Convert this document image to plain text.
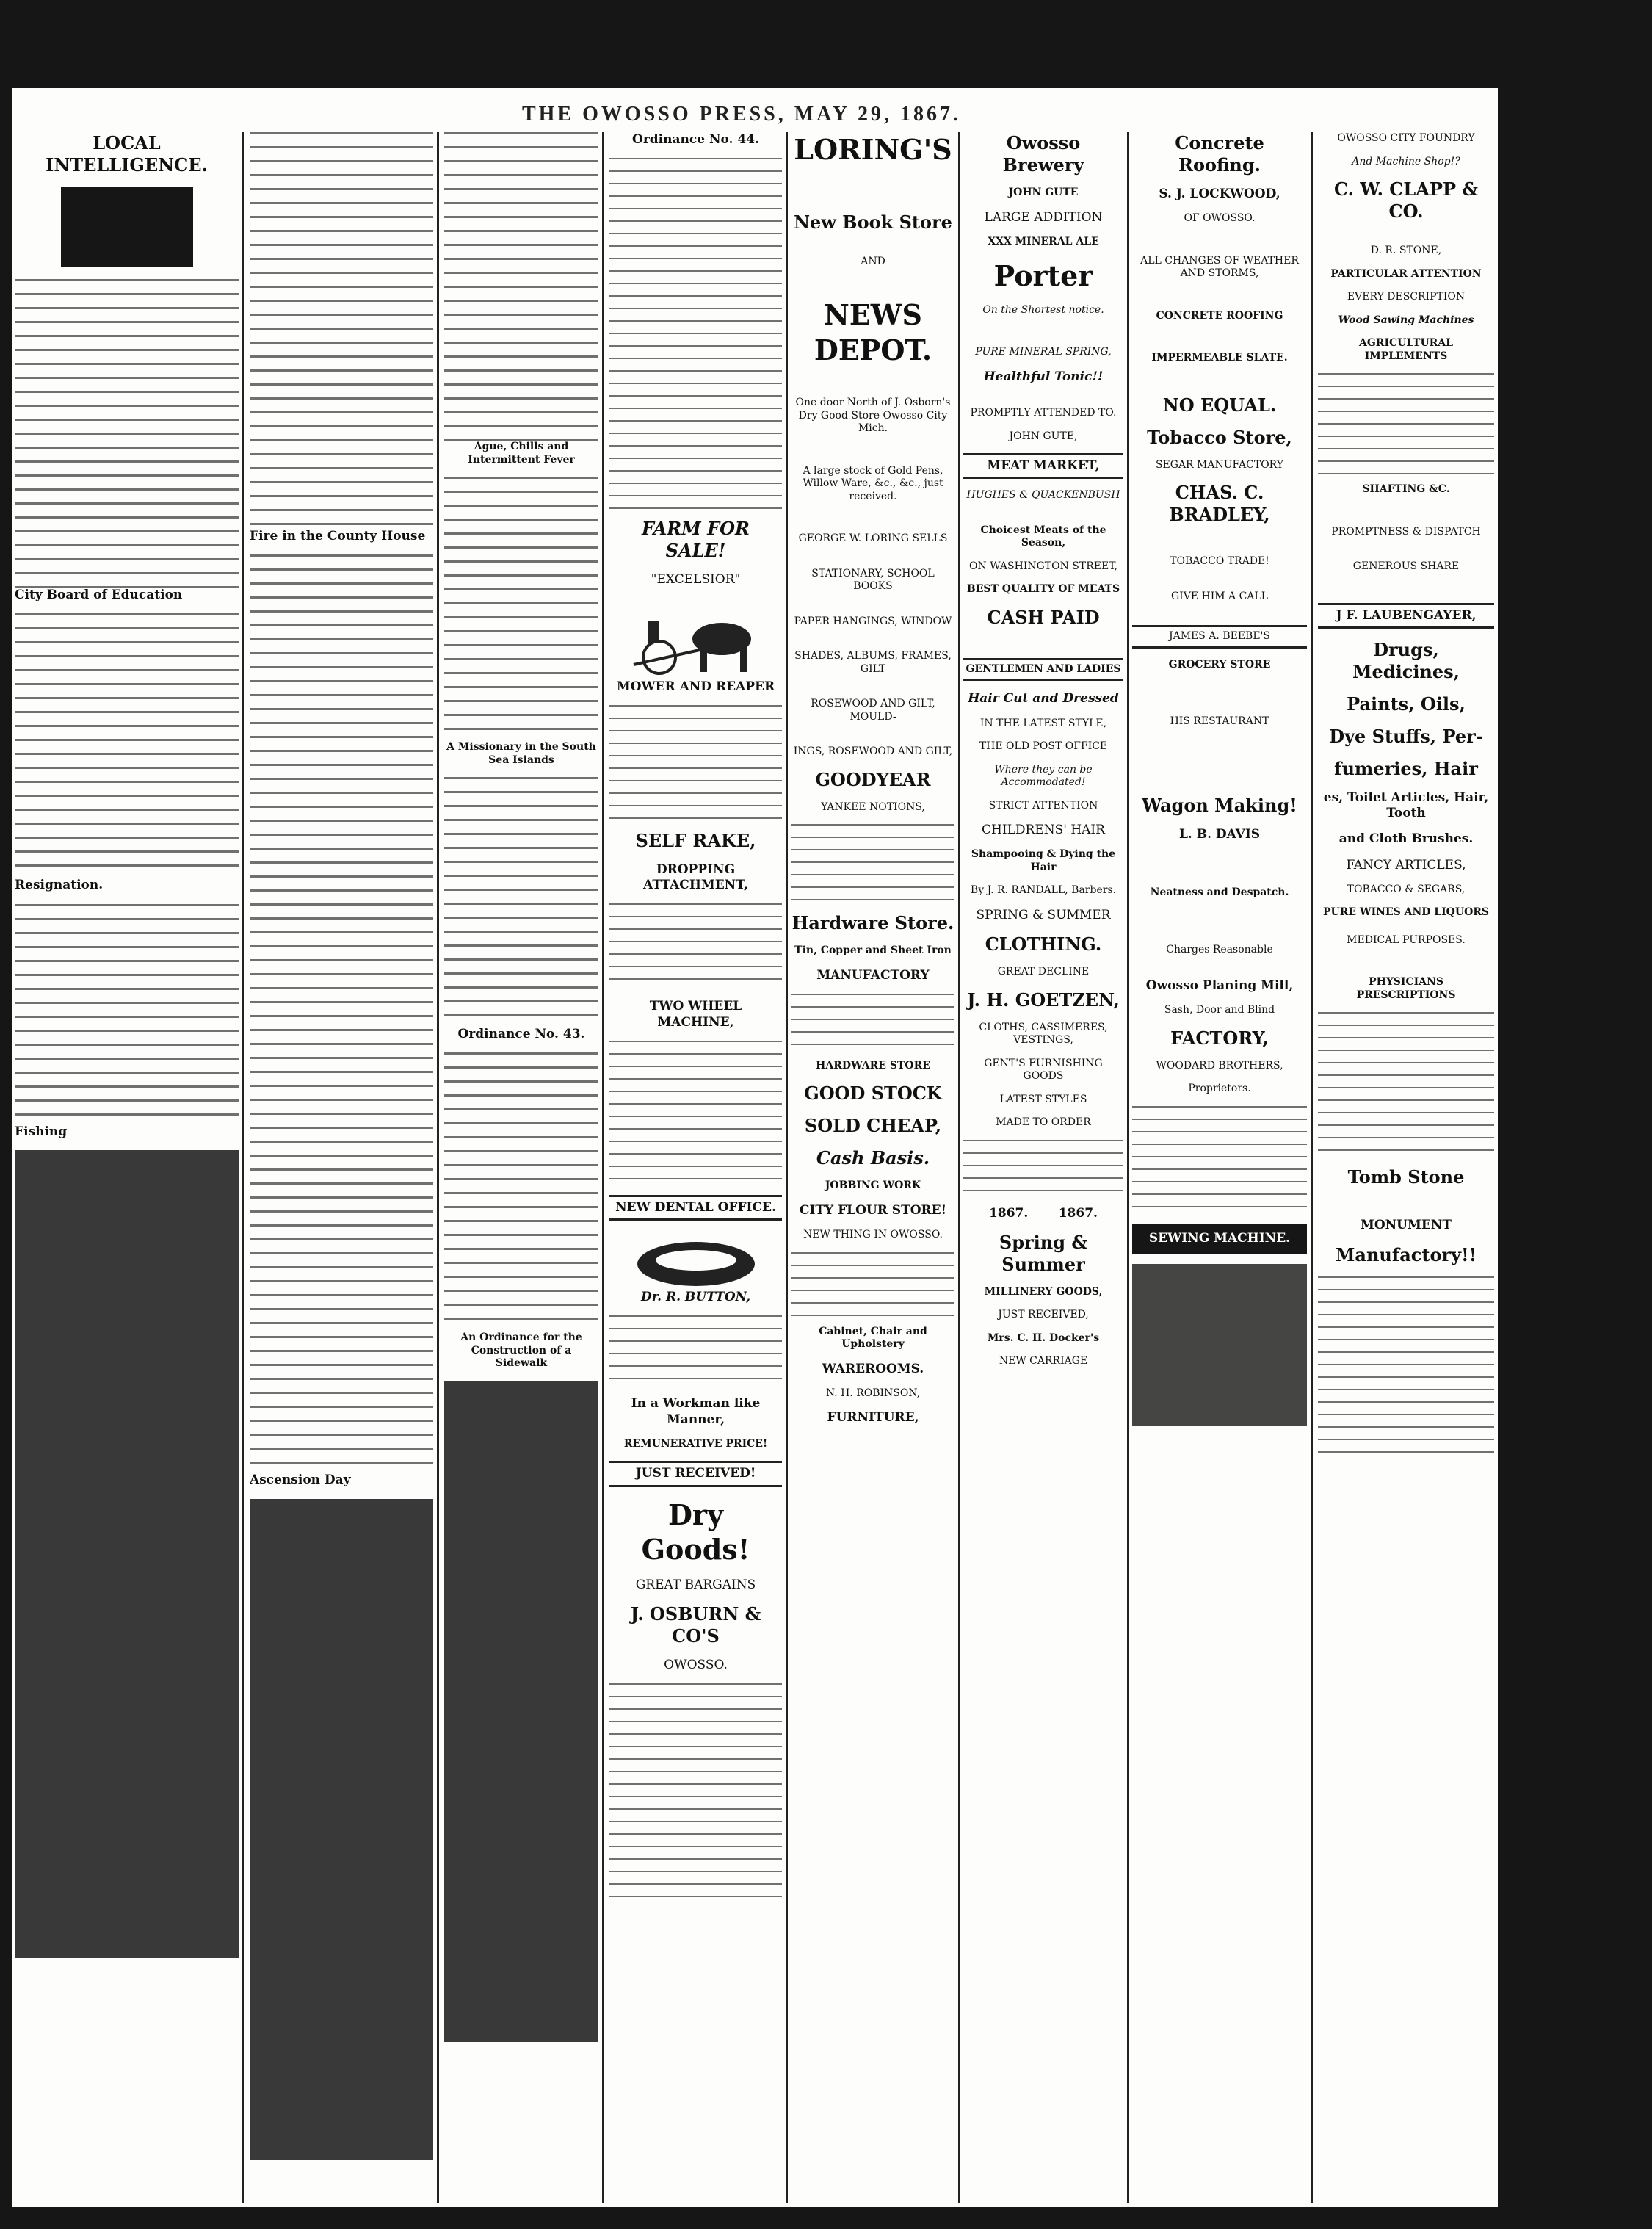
THE OWOSSO PRESS, MAY 29, 1867.
LOCAL INTELLIGENCE.
City Board of Education
Resignation.
Fishing
Fire in the County House
Ascension Day
Ague, Chills and Intermittent Fever
A Missionary in the South Sea Islands
Ordinance No. 43.
An Ordinance for the Construction of a Sidewalk
Ordinance No. 44.
FARM FOR SALE!
"EXCELSIOR"
MOWER AND REAPER
SELF RAKE,
DROPPING ATTACHMENT,
TWO WHEEL MACHINE,
NEW DENTAL OFFICE.
Dr. R. BUTTON,
In a Workman like Manner,
REMUNERATIVE PRICE!
JUST RECEIVED!
Dry Goods!
GREAT BARGAINS
J. OSBURN & CO'S
OWOSSO.
LORING'S
New Book Store
AND
NEWS DEPOT.
One door North of J. Osborn's Dry Good Store Owosso City Mich.
A large stock of Gold Pens, Willow Ware, &c., &c., just received.
GEORGE W. LORING SELLS
STATIONARY, SCHOOL BOOKS
PAPER HANGINGS, WINDOW
SHADES, ALBUMS, FRAMES, GILT
ROSEWOOD AND GILT, MOULD-
INGS, ROSEWOOD AND GILT,
GOODYEAR
YANKEE NOTIONS,
Hardware Store.
Tin, Copper and Sheet Iron
MANUFACTORY
HARDWARE STORE
GOOD STOCK
SOLD CHEAP,
Cash Basis.
JOBBING WORK
CITY FLOUR STORE!
NEW THING IN OWOSSO.
Cabinet, Chair and Upholstery
WAREROOMS.
N. H. ROBINSON,
FURNITURE,
Owosso Brewery
JOHN GUTE
LARGE ADDITION
XXX MINERAL ALE
Porter
On the Shortest notice.
PURE MINERAL SPRING,
Healthful Tonic!!
PROMPTLY ATTENDED TO.
JOHN GUTE,
MEAT MARKET,
HUGHES & QUACKENBUSH
Choicest Meats of the Season,
ON WASHINGTON STREET,
BEST QUALITY OF MEATS
CASH PAID
GENTLEMEN AND LADIES
Hair Cut and Dressed
IN THE LATEST STYLE,
THE OLD POST OFFICE
Where they can be Accommodated!
STRICT ATTENTION
CHILDRENS' HAIR
Shampooing & Dying the Hair
By J. R. RANDALL, Barbers.
SPRING & SUMMER
CLOTHING.
GREAT DECLINE
J. H. GOETZEN,
CLOTHS, CASSIMERES, VESTINGS,
GENT'S FURNISHING GOODS
LATEST STYLES
MADE TO ORDER
1867.       1867.
Spring & Summer
MILLINERY GOODS,
JUST RECEIVED,
Mrs. C. H. Docker's
NEW CARRIAGE
Concrete Roofing.
S. J. LOCKWOOD,
OF OWOSSO.
ALL CHANGES OF WEATHER AND STORMS,
CONCRETE ROOFING
IMPERMEABLE SLATE.
NO EQUAL.
Tobacco Store,
SEGAR MANUFACTORY
CHAS. C. BRADLEY,
TOBACCO TRADE!
GIVE HIM A CALL
JAMES A. BEEBE'S
GROCERY STORE
HIS RESTAURANT
Wagon Making!
L. B. DAVIS
Neatness and Despatch.
Charges Reasonable
Owosso Planing Mill,
Sash, Door and Blind
FACTORY,
WOODARD BROTHERS,
Proprietors.
SEWING MACHINE.
OWOSSO CITY FOUNDRY
And Machine Shop!?
C. W. CLAPP & CO.
D. R. STONE,
PARTICULAR ATTENTION
EVERY DESCRIPTION
Wood Sawing Machines
AGRICULTURAL IMPLEMENTS
SHAFTING &C.
PROMPTNESS & DISPATCH
GENEROUS SHARE
J F. LAUBENGAYER,
Drugs, Medicines,
Paints, Oils,
Dye Stuffs, Per-
fumeries, Hair
es, Toilet Articles, Hair, Tooth
and Cloth Brushes.
FANCY ARTICLES,
TOBACCO & SEGARS,
PURE WINES AND LIQUORS
MEDICAL PURPOSES.
PHYSICIANS PRESCRIPTIONS
Tomb Stone
MONUMENT
Manufactory!!
